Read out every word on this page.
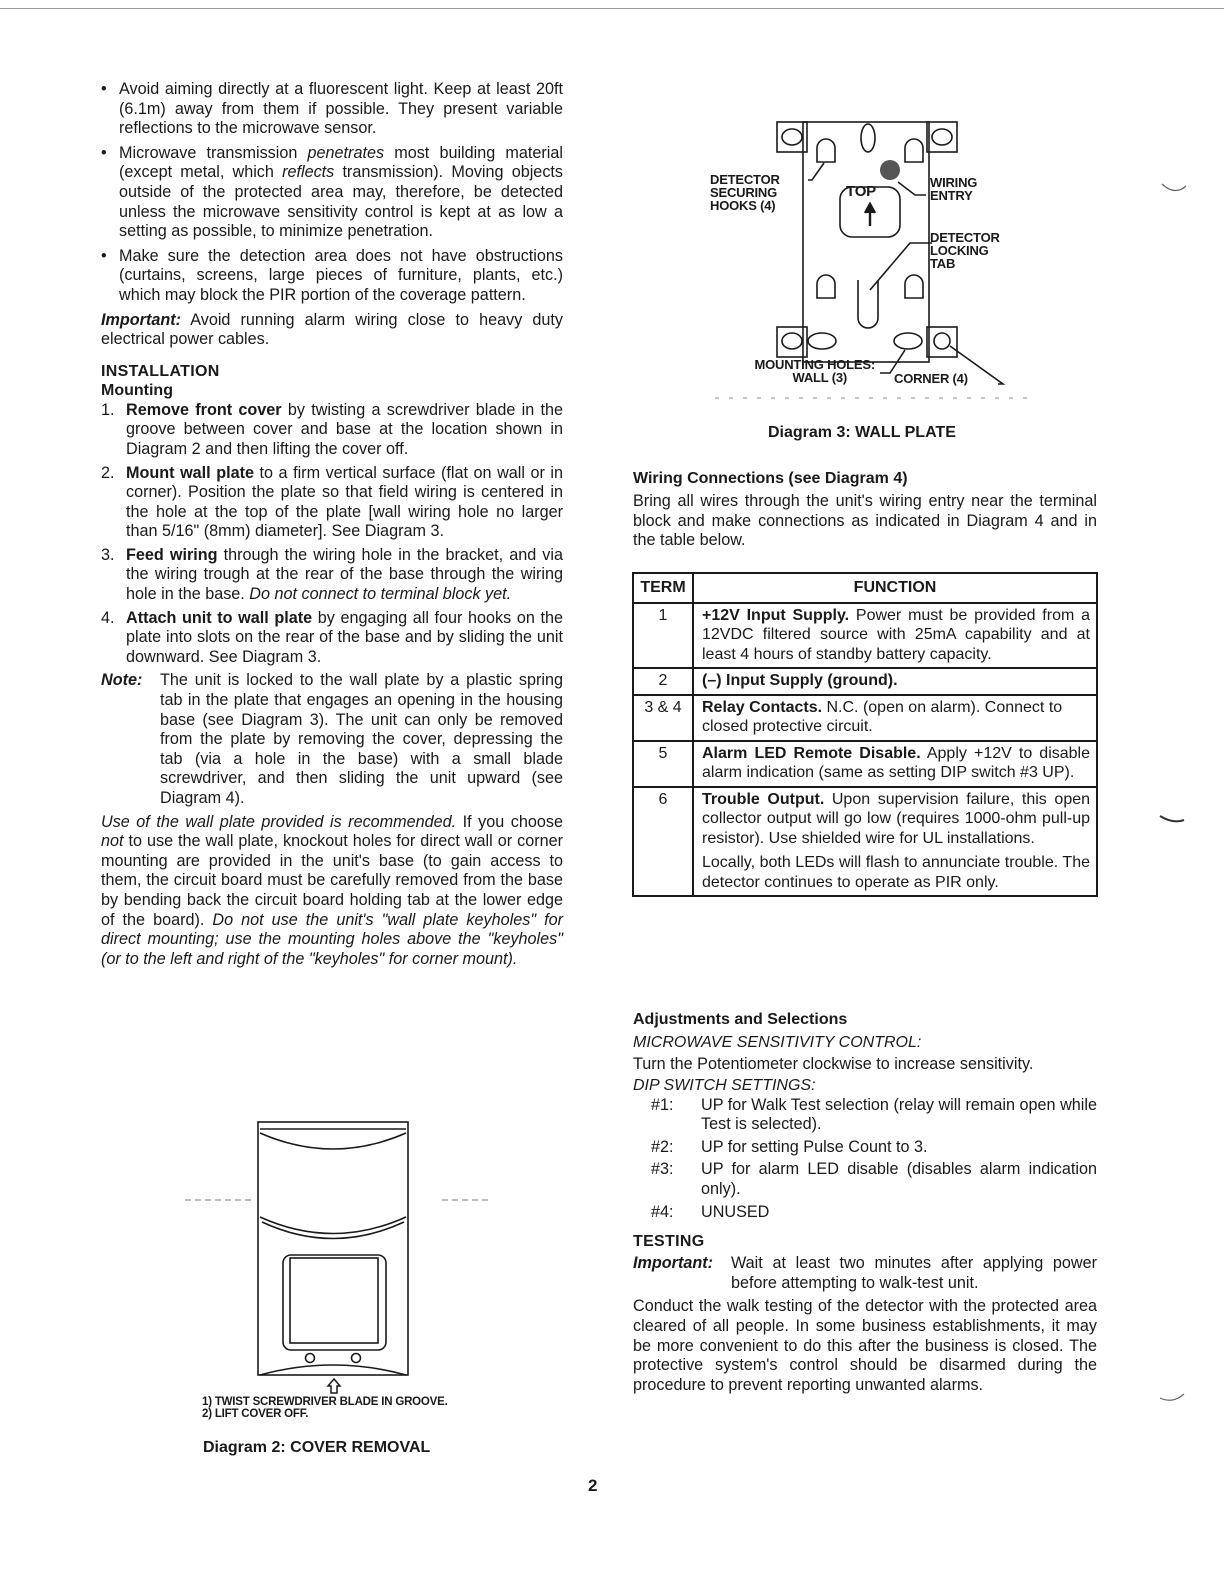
• Avoid aiming directly at a fluorescent light. Keep at least 20ft (6.1m) away from them if possible. They present variable reflections to the microwave sensor.

• Microwave transmission penetrates most building material (except metal, which reflects transmission). Moving objects outside of the protected area may, therefore, be detected unless the microwave sensitivity control is kept at as low a setting as possible, to minimize penetration.

• Make sure the detection area does not have obstructions (curtains, screens, large pieces of furniture, plants, etc.) which may block the PIR portion of the coverage pattern.

Important: Avoid running alarm wiring close to heavy duty electrical power cables.

INSTALLATION
Mounting
1. Remove front cover by twisting a screwdriver blade in the groove between cover and base at the location shown in Diagram 2 and then lifting the cover off.
2. Mount wall plate to a firm vertical surface (flat on wall or in corner). Position the plate so that field wiring is centered in the hole at the top of the plate [wall wiring hole no larger than 5/16" (8mm) diameter]. See Diagram 3.
3. Feed wiring through the wiring hole in the bracket, and via the wiring trough at the rear of the base through the wiring hole in the base. Do not connect to terminal block yet.
4. Attach unit to wall plate by engaging all four hooks on the plate into slots on the rear of the base and by sliding the unit downward. See Diagram 3.
Note: The unit is locked to the wall plate by a plastic spring tab in the plate that engages an opening in the housing base (see Diagram 3). The unit can only be removed from the plate by removing the cover, depressing the tab (via a hole in the base) with a small blade screwdriver, and then sliding the unit upward (see Diagram 4).

Use of the wall plate provided is recommended. If you choose not to use the wall plate, knockout holes for direct wall or corner mounting are provided in the unit's base (to gain access to them, the circuit board must be carefully removed from the base by bending back the circuit board holding tab at the lower edge of the board). Do not use the unit's "wall plate keyholes" for direct mounting; use the mounting holes above the "keyholes" (or to the left and right of the "keyholes" for corner mount).

1) TWIST SCREWDRIVER BLADE IN GROOVE.
2) LIFT COVER OFF.
Diagram 2: COVER REMOVAL
DETECTOR
SECURING
HOOKS (4)
WIRING
ENTRY
TOP
DETECTOR
LOCKING
TAB
MOUNTING HOLES:
WALL (3)	CORNER (4)
Diagram 3: WALL PLATE
Wiring Connections (see Diagram 4)

Bring all wires through the unit's wiring entry near the terminal block and make connections as indicated in Diagram 4 and in the table below.

TERM	FUNCTION
1	+12V Input Supply. Power must be provided from a 12VDC filtered source with 25mA capability and at least 4 hours of standby battery capacity.
2	(–) Input Supply (ground).
3 & 4	Relay Contacts. N.C. (open on alarm). Connect to closed protective circuit.
5	Alarm LED Remote Disable. Apply +12V to disable alarm indication (same as setting DIP switch #3 UP).
6	Trouble Output. Upon supervision failure, this open collector output will go low (requires 1000-ohm pull-up resistor). Use shielded wire for UL installations.

Locally, both LEDs will flash to annunciate trouble. The detector continues to operate as PIR only.

Adjustments and Selections
MICROWAVE SENSITIVITY CONTROL:

Turn the Potentiometer clockwise to increase sensitivity.

DIP SWITCH SETTINGS:
#1: UP for Walk Test selection (relay will remain open while Test is selected).
#2: UP for setting Pulse Count to 3.
#3: UP for alarm LED disable (disables alarm indication only).
#4: UNUSED
TESTING
Important: Wait at least two minutes after applying power before attempting to walk-test unit.

Conduct the walk testing of the detector with the protected area cleared of all people. In some business establishments, it may be more convenient to do this after the business is closed. The protective system's control should be disarmed during the procedure to prevent reporting unwanted alarms.

2
